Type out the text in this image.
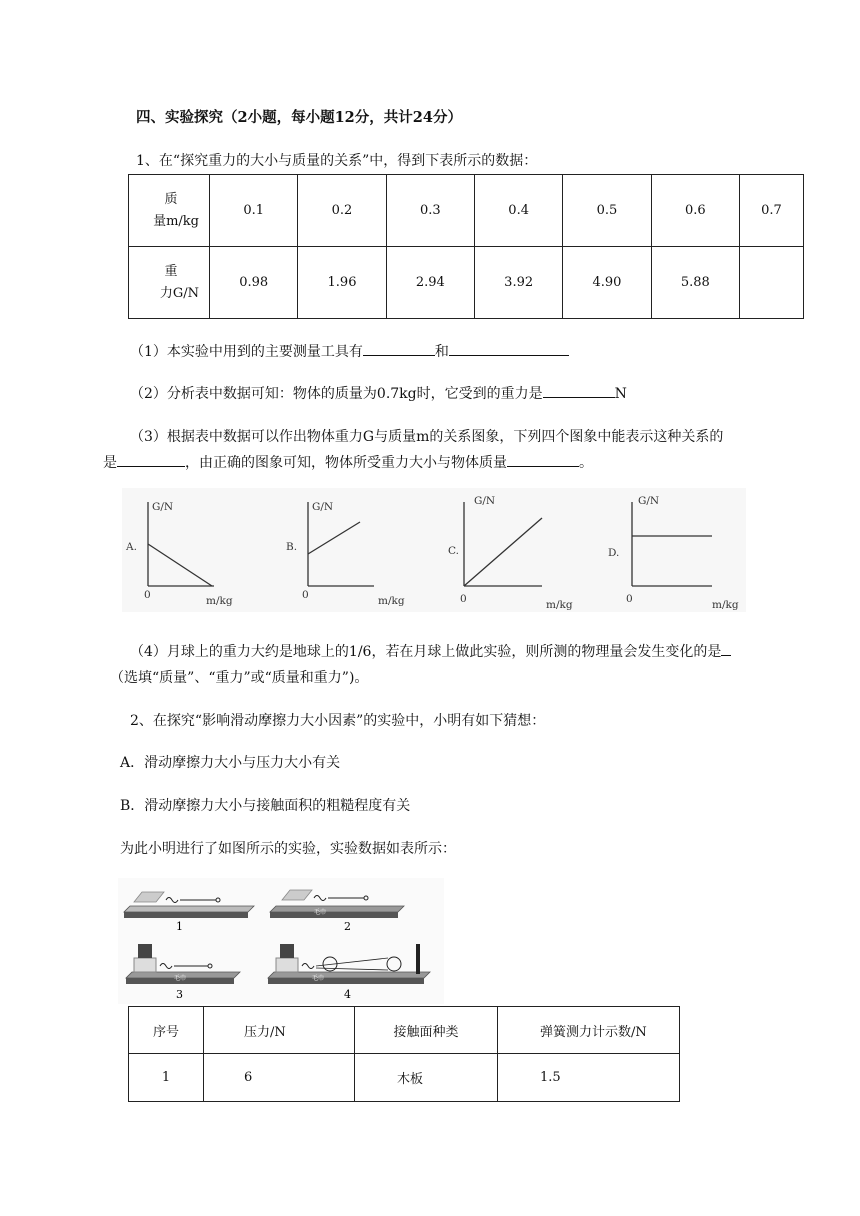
四、实验探究（2小题，每小题12分，共计24分）
1、在“探究重力的大小与质量的关系”中，得到下表所示的数据：
质
量m/kg	0.1	0.2	0.3	0.4	0.5	0.6	0.7

重
力G/N	0.98	1.96	2.94	3.92	4.90	5.88	
（1）本实验中用到的主要测量工具有	和
（2）分析表中数据可知：物体的质量为0.7kg时，它受到的重力是	N
（3）根据表中数据可以作出物体重力G与质量m的关系图象，下列四个图象中能表示这种关系的
是	，由正确的图象可知，物体所受重力大小与物体质量	。
G/N
A.
0	m/kg
G/N
B.
0	m/kg
G/N
C.
0	m/kg
G/N
D.
0	m/kg
（4）月球上的重力大约是地球上的1/6，若在月球上做此实验，则所测的物理量会发生变化的是
（选填“质量”、“重力”或“质量和重力”)。
2、在探究“影响滑动摩擦力大小因素”的实验中，小明有如下猜想：
A．滑动摩擦力大小与压力大小有关
B．滑动摩擦力大小与接触面积的粗糙程度有关
为此小明进行了如图所示的实验，实验数据如表所示：
1
毛巾
2
毛巾
3
毛巾
4
序号	压力/N	接触面种类	弹簧测力计示数/N
1	6	木板	1.5
